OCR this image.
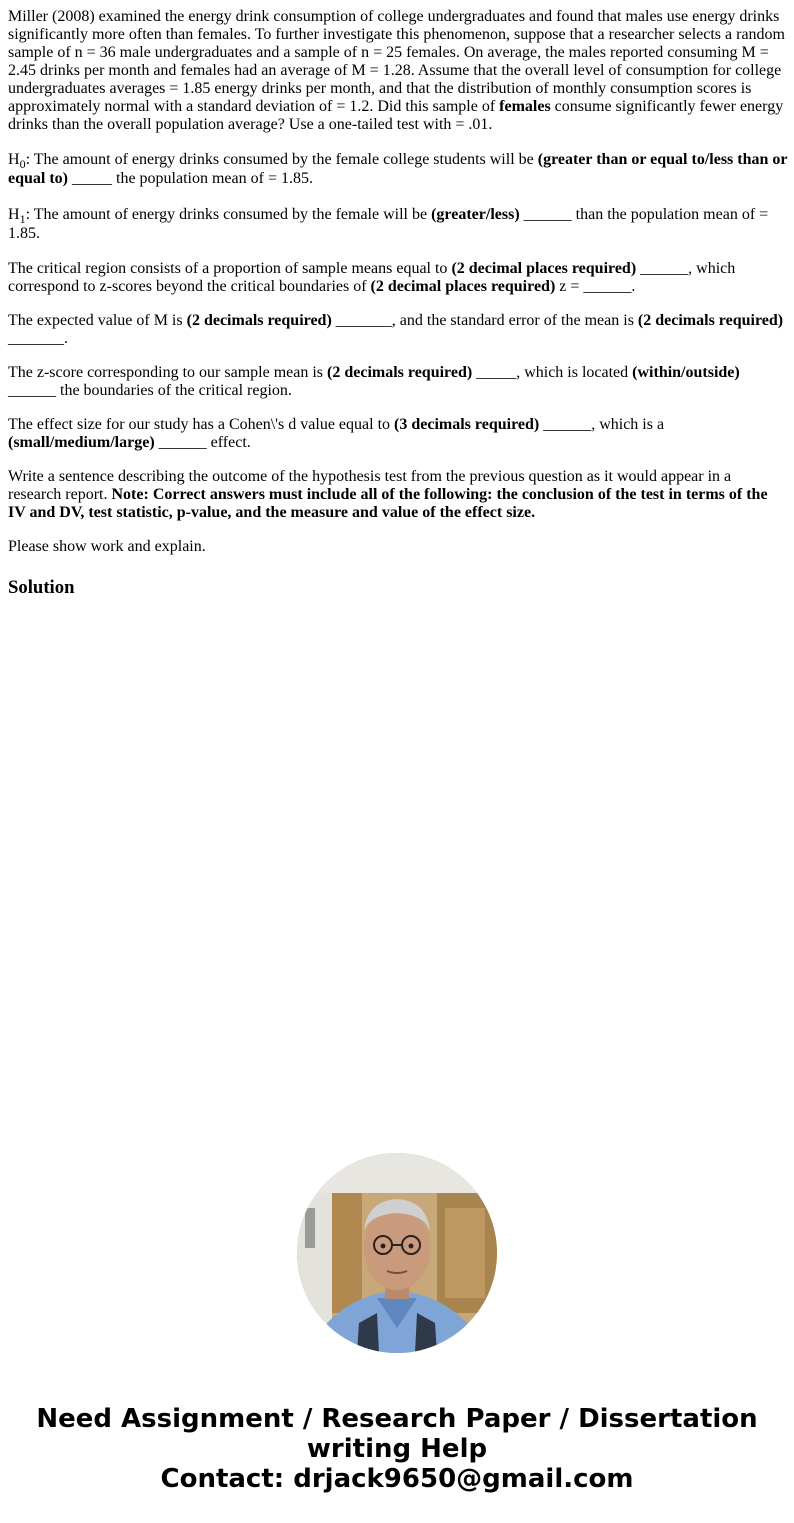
Miller (2008) examined the energy drink consumption of college undergraduates and found that males use energy drinks significantly more often than females. To further investigate this phenomenon, suppose that a researcher selects a random sample of n = 36 male undergraduates and a sample of n = 25 females. On average, the males reported consuming M = 2.45 drinks per month and females had an average of M = 1.28. Assume that the overall level of consumption for college undergraduates averages = 1.85 energy drinks per month, and that the distribution of monthly consumption scores is approximately normal with a standard deviation of = 1.2. Did this sample of females consume significantly fewer energy drinks than the overall population average? Use a one-tailed test with = .01.

$H_0$: The amount of energy drinks consumed by the female college students will be (greater than or equal to/less than or equal to) _____ the population mean of = 1.85.

$H_1$: The amount of energy drinks consumed by the female will be (greater/less) ______ than the population mean of = 1.85.

The critical region consists of a proportion of sample means equal to (2 decimal places required) ______, which correspond to z-scores beyond the critical boundaries of (2 decimal places required) z = ______.

The expected value of M is (2 decimals required) _______, and the standard error of the mean is (2 decimals required) _______.

The z-score corresponding to our sample mean is (2 decimals required) _____, which is located (within/outside) ______ the boundaries of the critical region.

The effect size for our study has a Cohen\'s d value equal to (3 decimals required) ______, which is a (small/medium/large) ______ effect.

Write a sentence describing the outcome of the hypothesis test from the previous question as it would appear in a research report. Note: Correct answers must include all of the following: the conclusion of the test in terms of the IV and DV, test statistic, p-value, and the measure and value of the effect size.

Please show work and explain.

Solution
Need Assignment / Research Paper / Dissertation
writing Help
Contact: drjack9650@gmail.com
